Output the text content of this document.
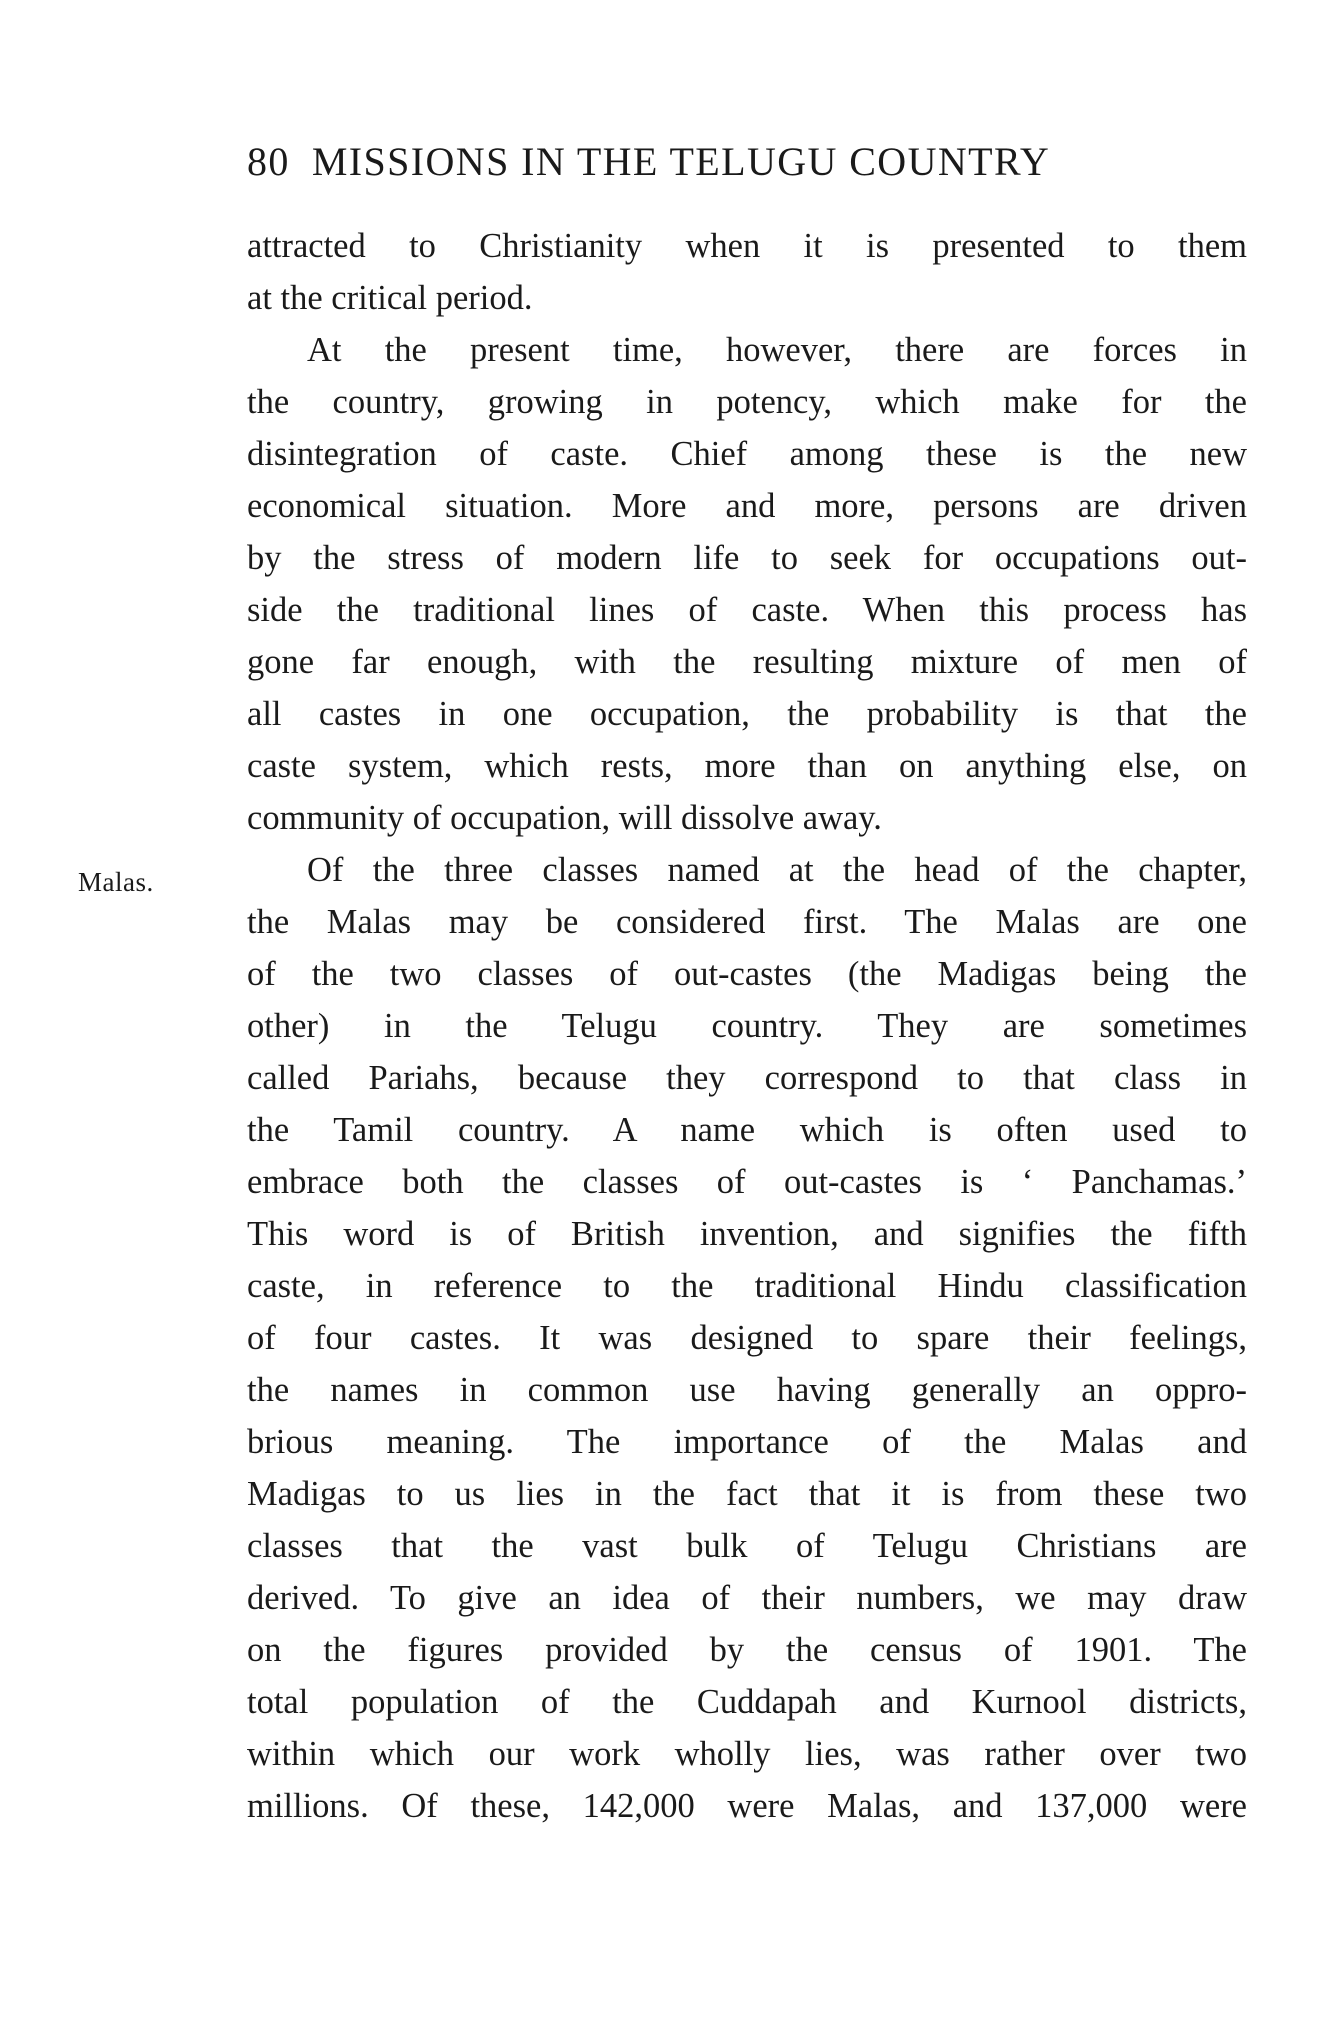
80 MISSIONS IN THE TELUGU COUNTRY
Malas.
attracted to Christianity when it is presented to them
at the critical period.
At the present time, however, there are forces in
the country, growing in potency, which make for the
disintegration of caste. Chief among these is the new
economical situation. More and more, persons are driven
by the stress of modern life to seek for occupations out-
side the traditional lines of caste. When this process has
gone far enough, with the resulting mixture of men of
all castes in one occupation, the probability is that the
caste system, which rests, more than on anything else, on
community of occupation, will dissolve away.
Of the three classes named at the head of the chapter,
the Malas may be considered first. The Malas are one
of the two classes of out-castes (the Madigas being the
other) in the Telugu country. They are sometimes
called Pariahs, because they correspond to that class in
the Tamil country. A name which is often used to
embrace both the classes of out-castes is ‘ Panchamas.’
This word is of British invention, and signifies the fifth
caste, in reference to the traditional Hindu classification
of four castes. It was designed to spare their feelings,
the names in common use having generally an oppro-
brious meaning. The importance of the Malas and
Madigas to us lies in the fact that it is from these two
classes that the vast bulk of Telugu Christians are
derived. To give an idea of their numbers, we may draw
on the figures provided by the census of 1901. The
total population of the Cuddapah and Kurnool districts,
within which our work wholly lies, was rather over two
millions. Of these, 142,000 were Malas, and 137,000 were
